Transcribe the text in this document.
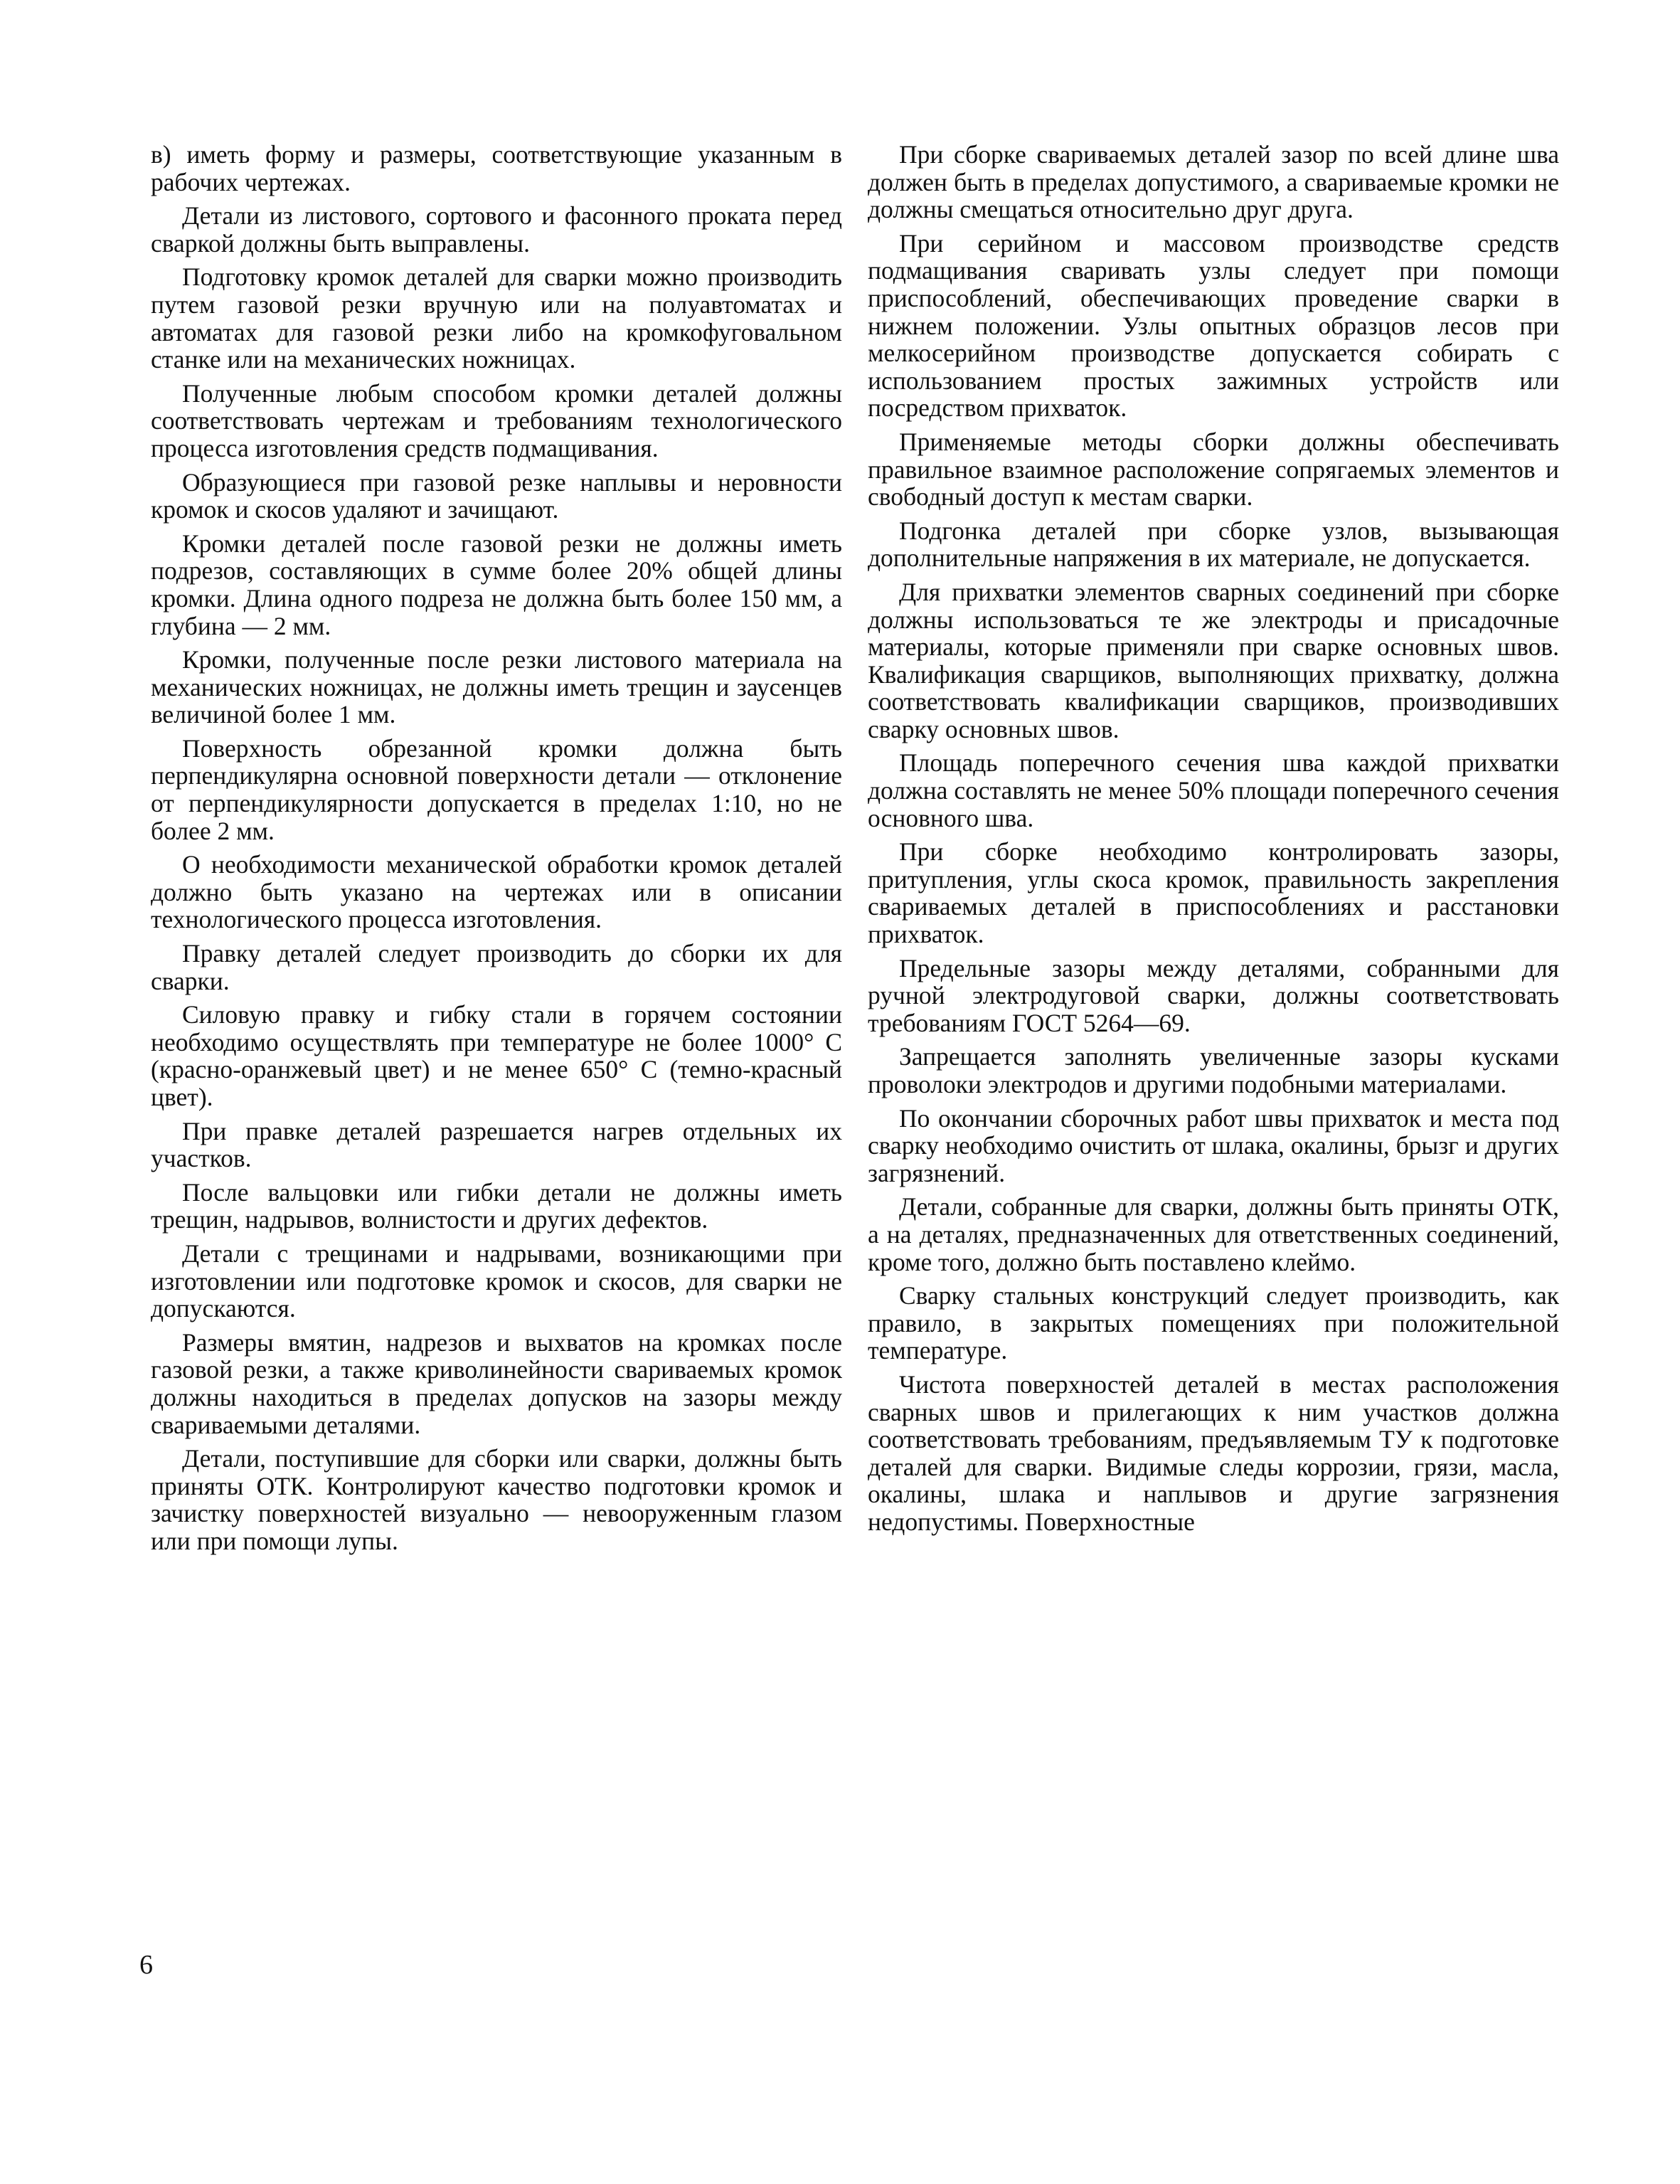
в) иметь форму и размеры, соответствующие указанным в рабочих чертежах.

Детали из листового, сортового и фасонного проката перед сваркой должны быть выправлены.

Подготовку кромок деталей для сварки можно производить путем газовой резки вручную или на полуавтоматах и автоматах для газовой резки либо на кромкофуговальном станке или на механических ножницах.

Полученные любым способом кромки деталей должны соответствовать чертежам и требованиям технологического процесса изготовления средств подмащивания.

Образующиеся при газовой резке наплывы и неровности кромок и скосов удаляют и зачищают.

Кромки деталей после газовой резки не должны иметь подрезов, составляющих в сумме более 20% общей длины кромки. Длина одного подреза не должна быть более 150 мм, а глубина — 2 мм.

Кромки, полученные после резки листового материала на механических ножницах, не должны иметь трещин и заусенцев величиной более 1 мм.

Поверхность обрезанной кромки должна быть перпендикулярна основной поверхности детали — отклонение от перпендикулярности допускается в пределах 1:10, но не более 2 мм.

О необходимости механической обработки кромок деталей должно быть указано на чертежах или в описании технологического процесса изготовления.

Правку деталей следует производить до сборки их для сварки.

Силовую правку и гибку стали в горячем состоянии необходимо осуществлять при температуре не более 1000° С (красно-оранжевый цвет) и не менее 650° С (темно-красный цвет).

При правке деталей разрешается нагрев отдельных их участков.

После вальцовки или гибки детали не должны иметь трещин, надрывов, волнистости и других дефектов.

Детали с трещинами и надрывами, возникающими при изготовлении или подготовке кромок и скосов, для сварки не допускаются.

Размеры вмятин, надрезов и выхватов на кромках после газовой резки, а также криволинейности свариваемых кромок должны находиться в пределах допусков на зазоры между свариваемыми деталями.

Детали, поступившие для сборки или сварки, должны быть приняты ОТК. Контролируют качество подготовки кромок и зачистку поверхностей визуально — невооруженным глазом или при помощи лупы.

При сборке свариваемых деталей зазор по всей длине шва должен быть в пределах допустимого, а свариваемые кромки не должны смещаться относительно друг друга.

При серийном и массовом производстве средств подмащивания сваривать узлы следует при помощи приспособлений, обеспечивающих проведение сварки в нижнем положении. Узлы опытных образцов лесов при мелкосерийном производстве допускается собирать с использованием простых зажимных устройств или посредством прихваток.

Применяемые методы сборки должны обеспечивать правильное взаимное расположение сопрягаемых элементов и свободный доступ к местам сварки.

Подгонка деталей при сборке узлов, вызывающая дополнительные напряжения в их материале, не допускается.

Для прихватки элементов сварных соединений при сборке должны использоваться те же электроды и присадочные материалы, которые применяли при сварке основных швов. Квалификация сварщиков, выполняющих прихватку, должна соответствовать квалификации сварщиков, производивших сварку основных швов.

Площадь поперечного сечения шва каждой прихватки должна составлять не менее 50% площади поперечного сечения основного шва.

При сборке необходимо контролировать зазоры, притупления, углы скоса кромок, правильность закрепления свариваемых деталей в приспособлениях и расстановки прихваток.

Предельные зазоры между деталями, собранными для ручной электродуговой сварки, должны соответствовать требованиям ГОСТ 5264—69.

Запрещается заполнять увеличенные зазоры кусками проволоки электродов и другими подобными материалами.

По окончании сборочных работ швы прихваток и места под сварку необходимо очистить от шлака, окалины, брызг и других загрязнений.

Детали, собранные для сварки, должны быть приняты ОТК, а на деталях, предназначенных для ответственных соединений, кроме того, должно быть поставлено клеймо.

Сварку стальных конструкций следует производить, как правило, в закрытых помещениях при положительной температуре.

Чистота поверхностей деталей в местах расположения сварных швов и прилегающих к ним участков должна соответствовать требованиям, предъявляемым ТУ к подготовке деталей для сварки. Видимые следы коррозии, грязи, масла, окалины, шлака и наплывов и другие загрязнения недопустимы. Поверхностные

6
